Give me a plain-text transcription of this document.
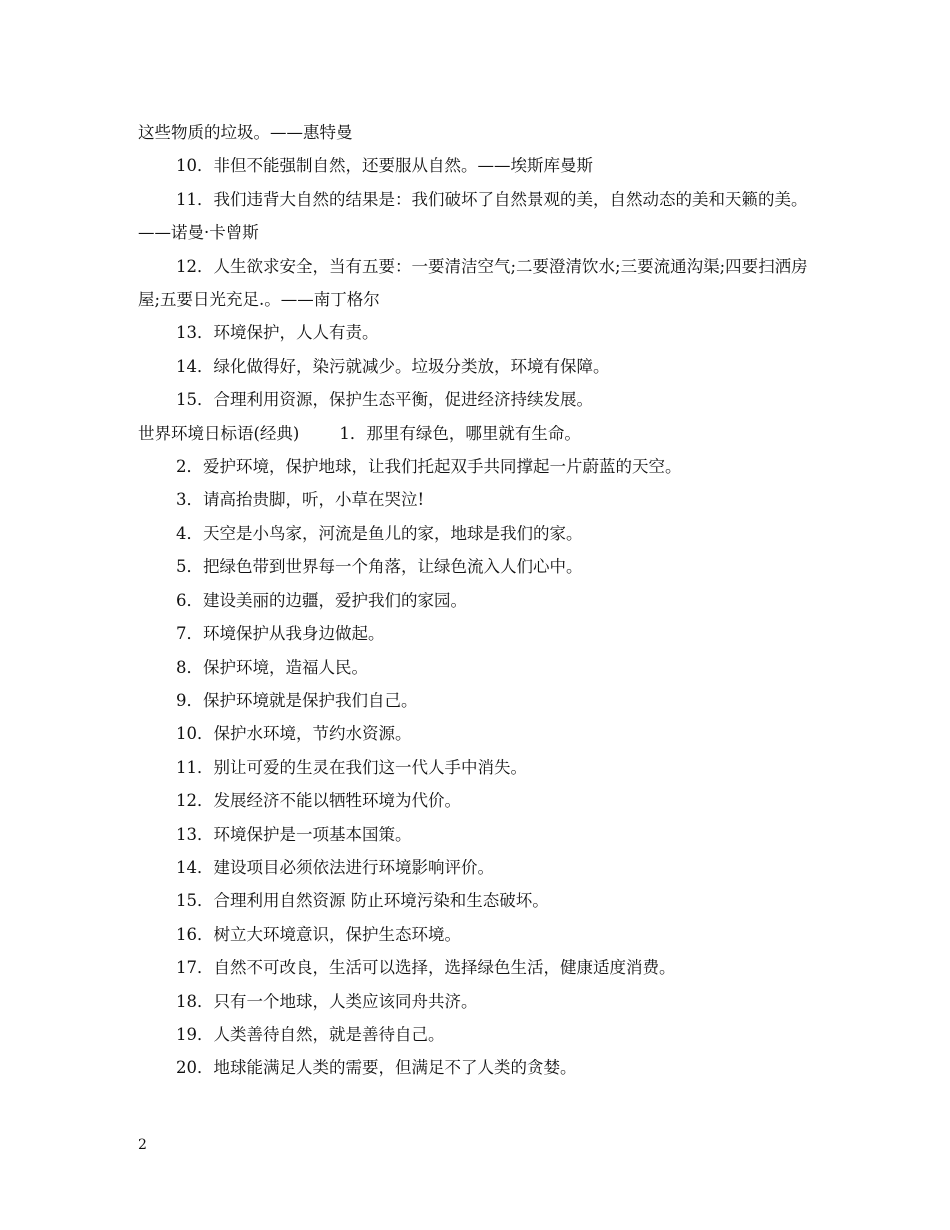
这些物质的垃圾。——惠特曼

10．非但不能强制自然，还要服从自然。——埃斯库曼斯

11．我们违背大自然的结果是：我们破坏了自然景观的美，自然动态的美和天籁的美。——诺曼·卡曾斯

12．人生欲求安全，当有五要：一要清洁空气;二要澄清饮水;三要流通沟渠;四要扫洒房屋;五要日光充足.。——南丁格尔

13．环境保护，人人有责。

14．绿化做得好，染污就减少。垃圾分类放，环境有保障。

15．合理利用资源，保护生态平衡，促进经济持续发展。

世界环境日标语(经典) 1．那里有绿色，哪里就有生命。

2．爱护环境，保护地球，让我们托起双手共同撑起一片蔚蓝的天空。

3．请高抬贵脚，听，小草在哭泣!

4．天空是小鸟家，河流是鱼儿的家，地球是我们的家。

5．把绿色带到世界每一个角落，让绿色流入人们心中。

6．建设美丽的边疆，爱护我们的家园。

7．环境保护从我身边做起。

8．保护环境，造福人民。

9．保护环境就是保护我们自己。

10．保护水环境，节约水资源。

11．别让可爱的生灵在我们这一代人手中消失。

12．发展经济不能以牺牲环境为代价。

13．环境保护是一项基本国策。

14．建设项目必须依法进行环境影响评价。

15．合理利用自然资源 防止环境污染和生态破坏。

16．树立大环境意识，保护生态环境。

17．自然不可改良，生活可以选择，选择绿色生活，健康适度消费。

18．只有一个地球，人类应该同舟共济。

19．人类善待自然，就是善待自己。

20．地球能满足人类的需要，但满足不了人类的贪婪。

2
